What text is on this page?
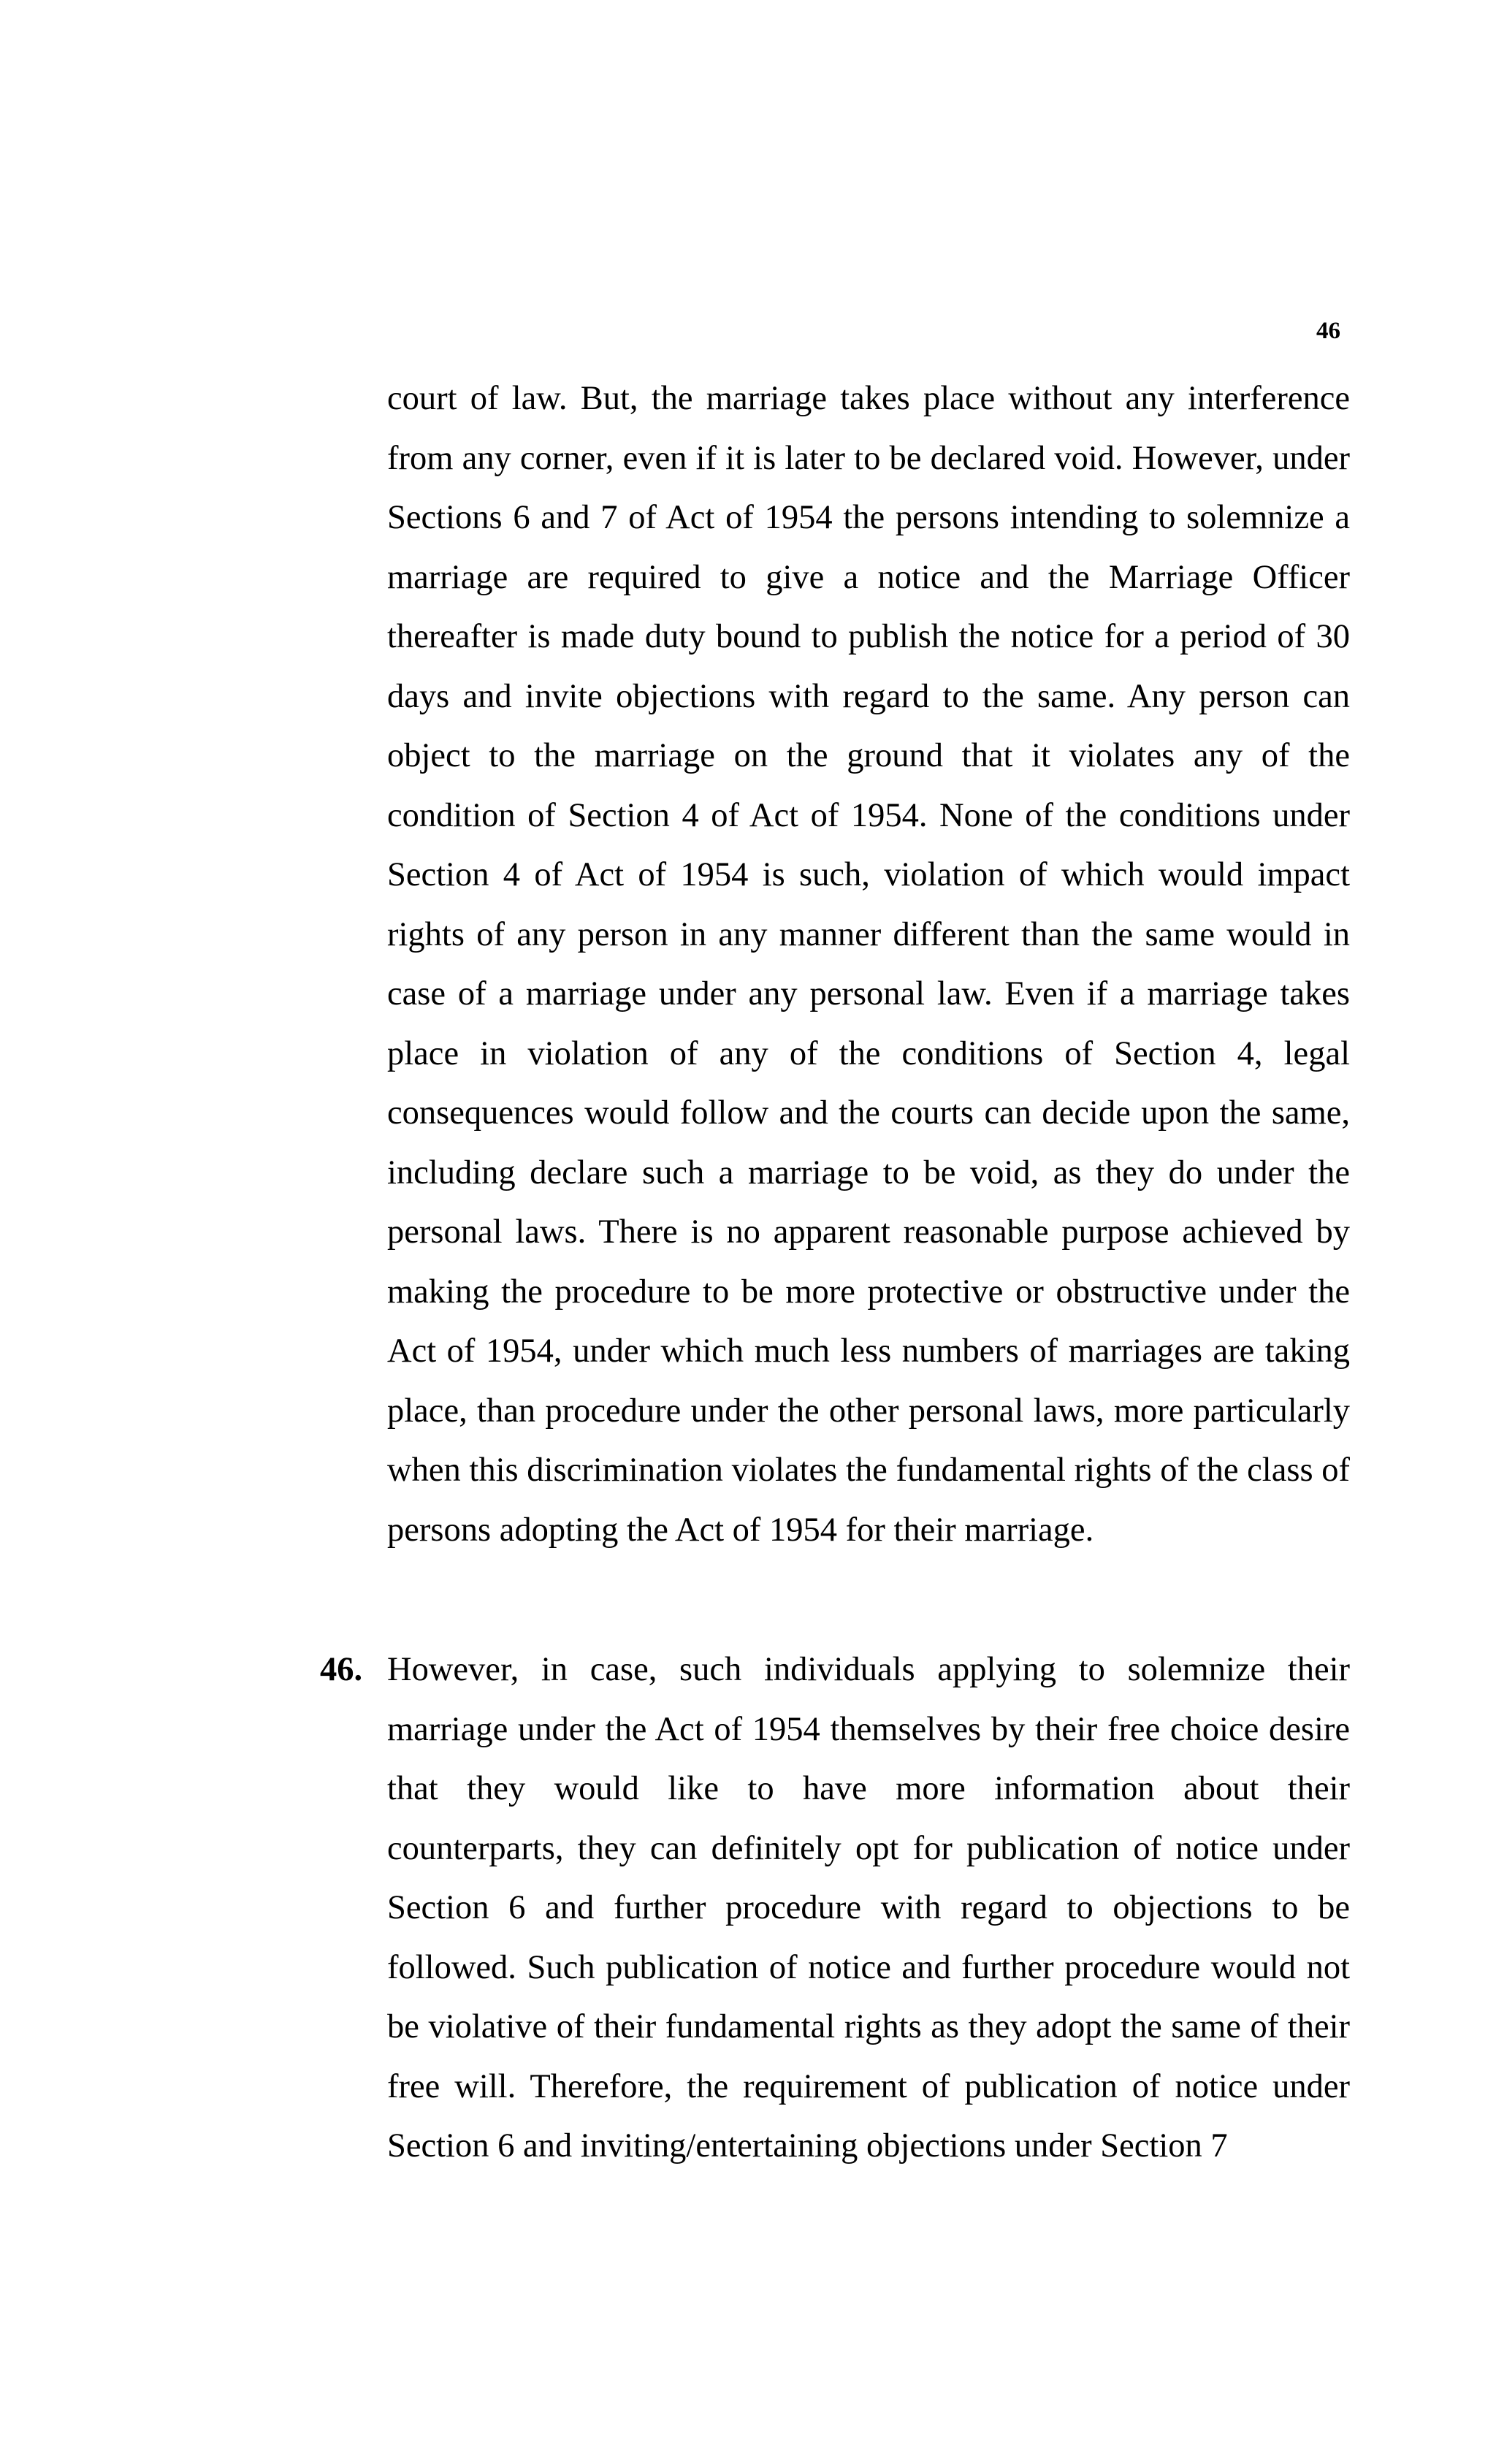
46

court of law. But, the marriage takes place without any interference from any corner, even if it is later to be declared void. However, under Sections 6 and 7 of Act of 1954 the persons intending to solemnize a marriage are required to give a notice and the Marriage Officer thereafter is made duty bound to publish the notice for a period of 30 days and invite objections with regard to the same. Any person can object to the marriage on the ground that it violates any of the condition of Section 4 of Act of 1954. None of the conditions under Section 4 of Act of 1954 is such, violation of which would impact rights of any person in any manner different than the same would in case of a marriage under any personal law. Even if a marriage takes place in violation of any of the conditions of Section 4, legal consequences would follow and the courts can decide upon the same, including declare such a marriage to be void, as they do under the personal laws. There is no apparent reasonable purpose achieved by making the procedure to be more protective or obstructive under the Act of 1954, under which much less numbers of marriages are taking place, than procedure under the other personal laws, more particularly when this discrimination violates the fundamental rights of the class of persons adopting the Act of 1954 for their marriage.

46. However, in case, such individuals applying to solemnize their marriage under the Act of 1954 themselves by their free choice desire that they would like to have more information about their counterparts, they can definitely opt for publication of notice under Section 6 and further procedure with regard to objections to be followed. Such publication of notice and further procedure would not be violative of their fundamental rights as they adopt the same of their free will. Therefore, the requirement of publication of notice under Section 6 and inviting/entertaining objections under Section 7
